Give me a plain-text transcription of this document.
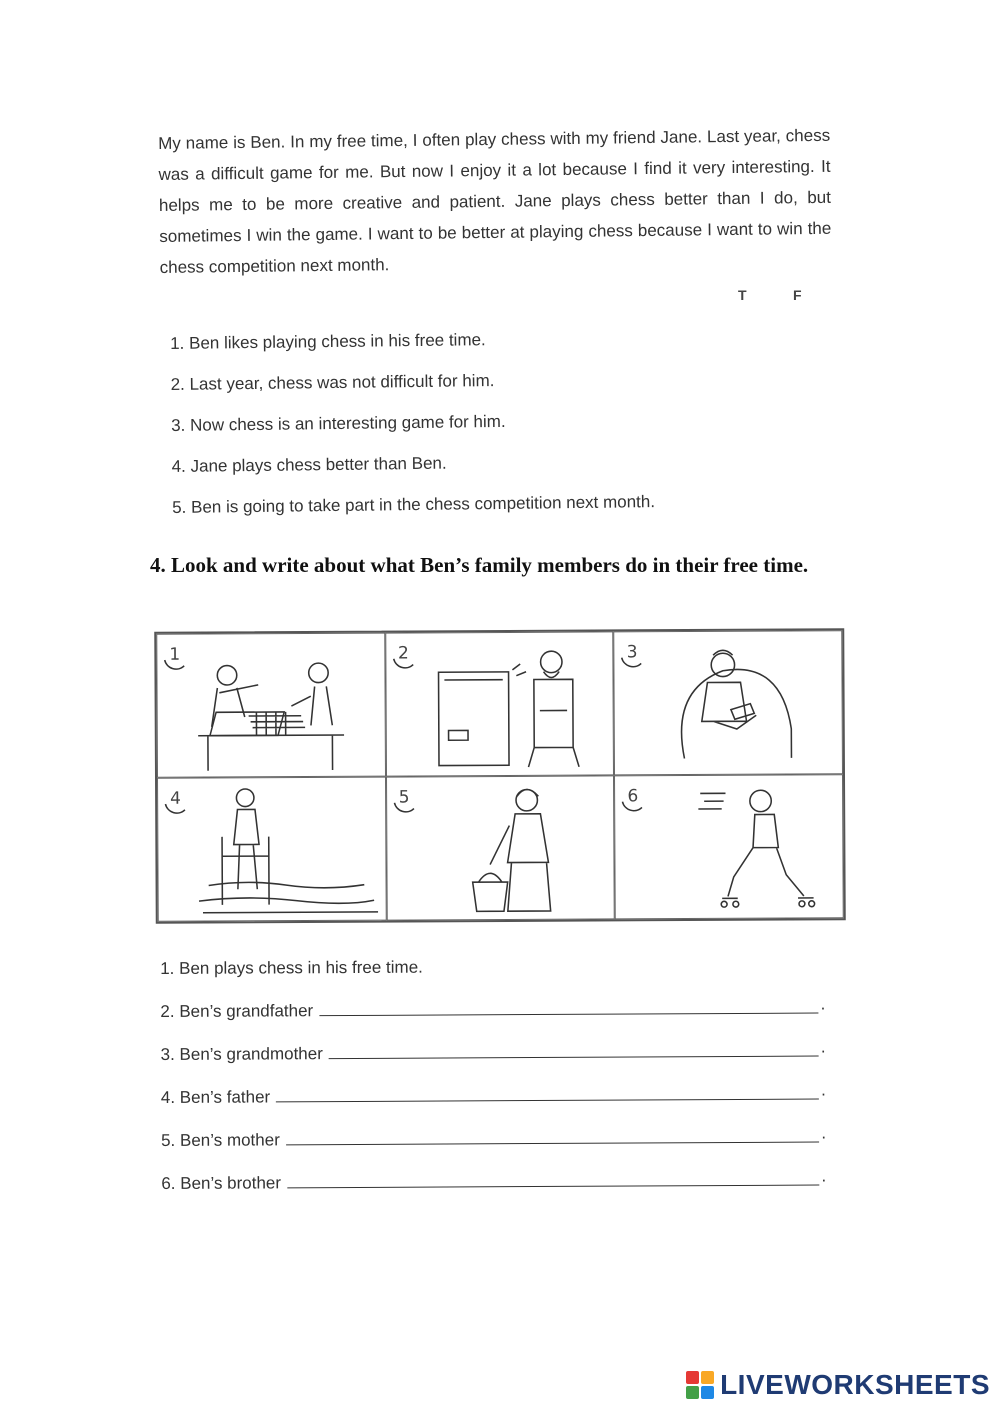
My name is Ben. In my free time, I often play chess with my friend Jane. Last year, chess was a difficult game for me. But now I enjoy it a lot because I find it very interesting. It helps me to be more creative and patient. Jane plays chess better than I do, but sometimes I win the game. I want to be better at playing chess because I want to win the chess competition next month.
T	F
1. Ben likes playing chess in his free time.
2. Last year, chess was not difficult for him.
3. Now chess is an interesting game for him.
4. Jane plays chess better than Ben.
5. Ben is going to take part in the chess competition next month.
4. Look and write about what Ben’s family members do in their free time.
1	2	3
4	5	6
1. Ben plays chess in his free time.
2. Ben’s grandfather	.
3. Ben’s grandmother	.
4. Ben’s father	.
5. Ben’s mother	.
6. Ben’s brother	.
LIVEWORKSHEETS
